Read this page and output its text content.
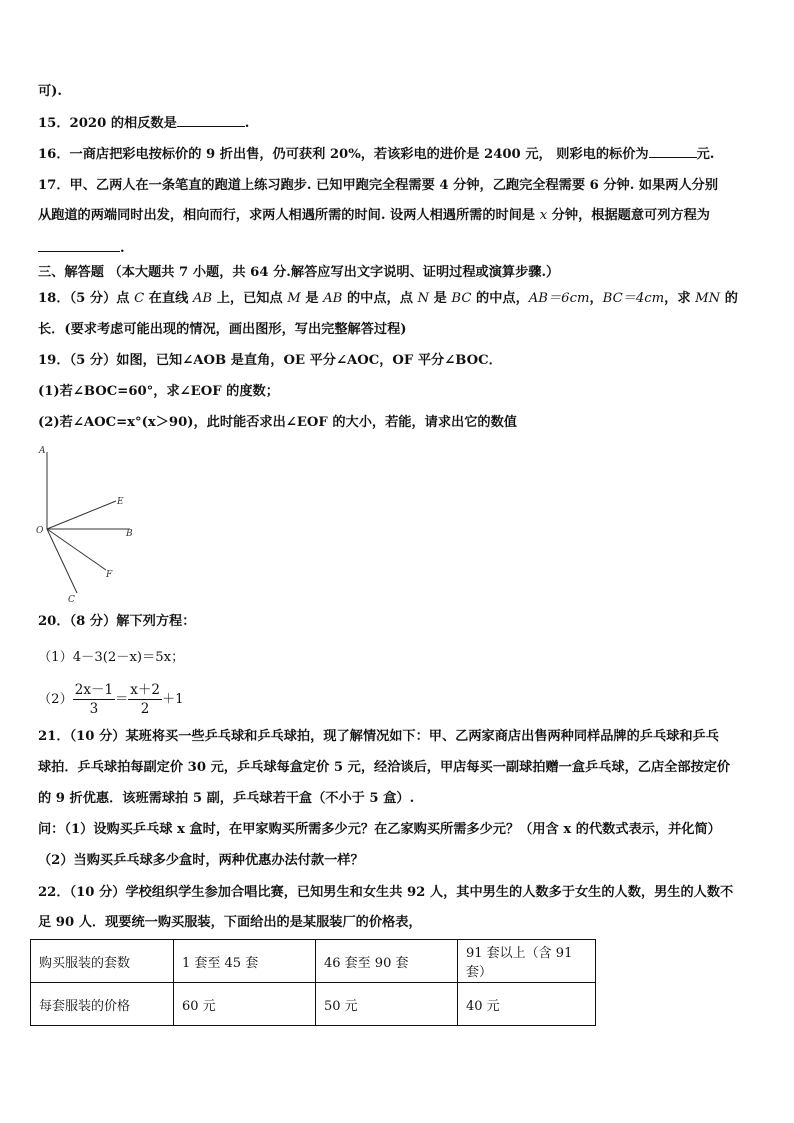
可).
15．2020 的相反数是	.
16．一商店把彩电按标价的 9 折出售，仍可获利 20%，若该彩电的进价是 2400 元， 则彩电的标价为	元.
17．甲、乙两人在一条笔直的跑道上练习跑步. 已知甲跑完全程需要 4 分钟，乙跑完全程需要 6 分钟. 如果两人分别
从跑道的两端同时出发，相向而行，求两人相遇所需的时间. 设两人相遇所需的时间是 x 分钟，根据题意可列方程为
.
三、解答题 （本大题共 7 小题，共 64 分.解答应写出文字说明、证明过程或演算步骤.）
18．（5 分）点 C 在直线 AB 上，已知点 M 是 AB 的中点，点 N 是 BC 的中点，AB＝6cm，BC＝4cm，求 MN 的
长．(要求考虑可能出现的情况，画出图形，写出完整解答过程)
19．（5 分）如图，已知∠AOB 是直角，OE 平分∠AOC，OF 平分∠BOC．
(1)若∠BOC=60°，求∠EOF 的度数；
(2)若∠AOC=x°(x＞90)，此时能否求出∠EOF 的大小，若能，请求出它的数值
A
O
E
B
F
C
20．（8 分）解下列方程：
（1）4－3(2－x)＝5x；
$(2) \frac{2x-1}{3} = \frac{x+2}{2} +1$
21．（10 分）某班将买一些乒乓球和乒乓球拍，现了解情况如下：甲、乙两家商店出售两种同样品牌的乒乓球和乒乓
球拍．乒乓球拍每副定价 30 元，乒乓球每盒定价 5 元，经洽谈后，甲店每买一副球拍赠一盒乒乓球，乙店全部按定价
的 9 折优惠．该班需球拍 5 副，乒乓球若干盒（不小于 5 盒）.
问：（1）设购买乒乓球 x 盒时，在甲家购买所需多少元？在乙家购买所需多少元？（用含 x 的代数式表示，并化简）
（2）当购买乒乓球多少盒时，两种优惠办法付款一样？
22．（10 分）学校组织学生参加合唱比赛，已知男生和女生共 92 人，其中男生的人数多于女生的人数，男生的人数不
足 90 人．现要统一购买服装，下面给出的是某服装厂的价格表，
购买服装的套数	1 套至 45 套	46 套至 90 套	91 套以上（含 91 套）
每套服装的价格	60 元	50 元	40 元
